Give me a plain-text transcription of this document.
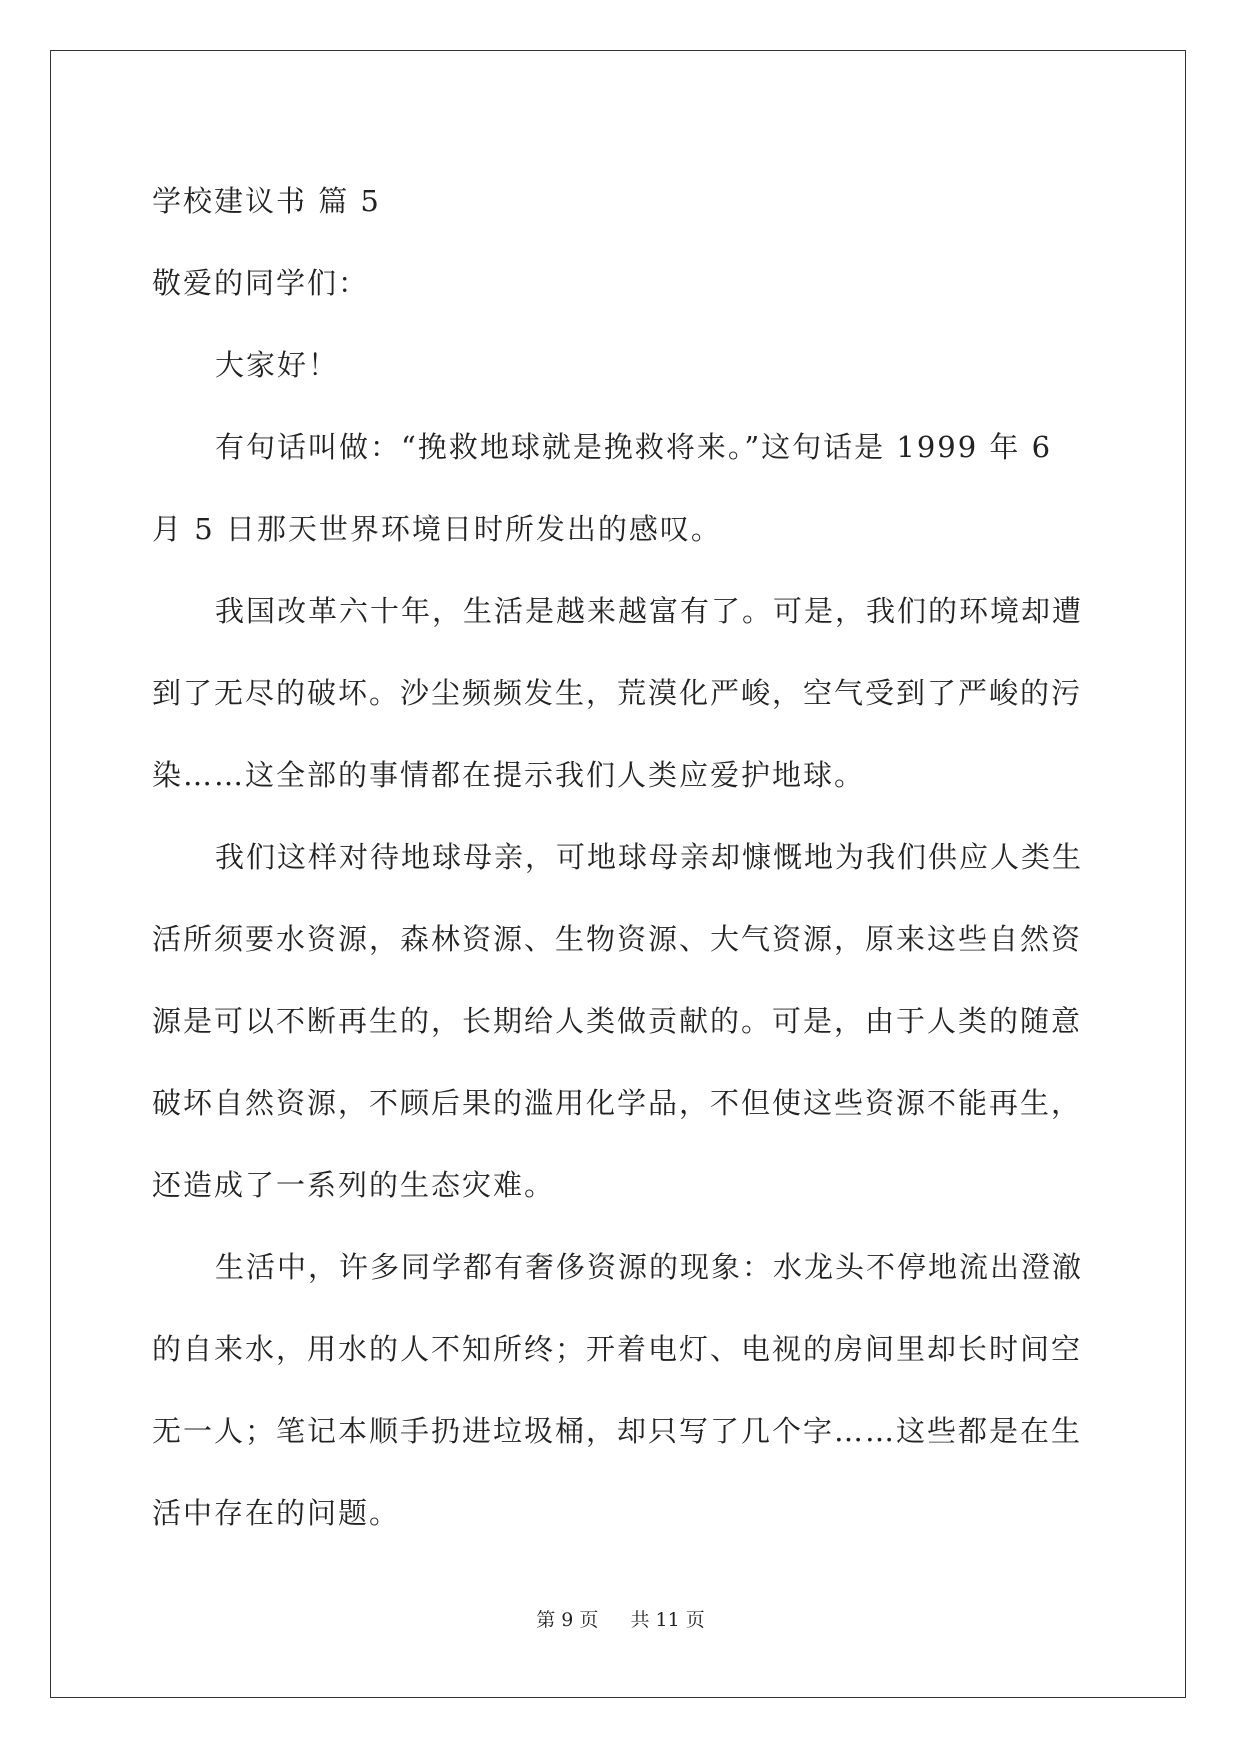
学校建议书 篇 5
敬爱的同学们：
大家好！
有句话叫做：“挽救地球就是挽救将来。”这句话是 1999 年 6
月 5 日那天世界环境日时所发出的感叹。
我国改革六十年，生活是越来越富有了。可是，我们的环境却遭
到了无尽的破坏。沙尘频频发生，荒漠化严峻，空气受到了严峻的污
染……这全部的事情都在提示我们人类应爱护地球。
我们这样对待地球母亲，可地球母亲却慷慨地为我们供应人类生
活所须要水资源，森林资源、生物资源、大气资源，原来这些自然资
源是可以不断再生的，长期给人类做贡献的。可是，由于人类的随意
破坏自然资源，不顾后果的滥用化学品，不但使这些资源不能再生，
还造成了一系列的生态灾难。
生活中，许多同学都有奢侈资源的现象：水龙头不停地流出澄澈
的自来水，用水的人不知所终；开着电灯、电视的房间里却长时间空
无一人；笔记本顺手扔进垃圾桶，却只写了几个字……这些都是在生
活中存在的问题。
第 9 页 共 11 页
